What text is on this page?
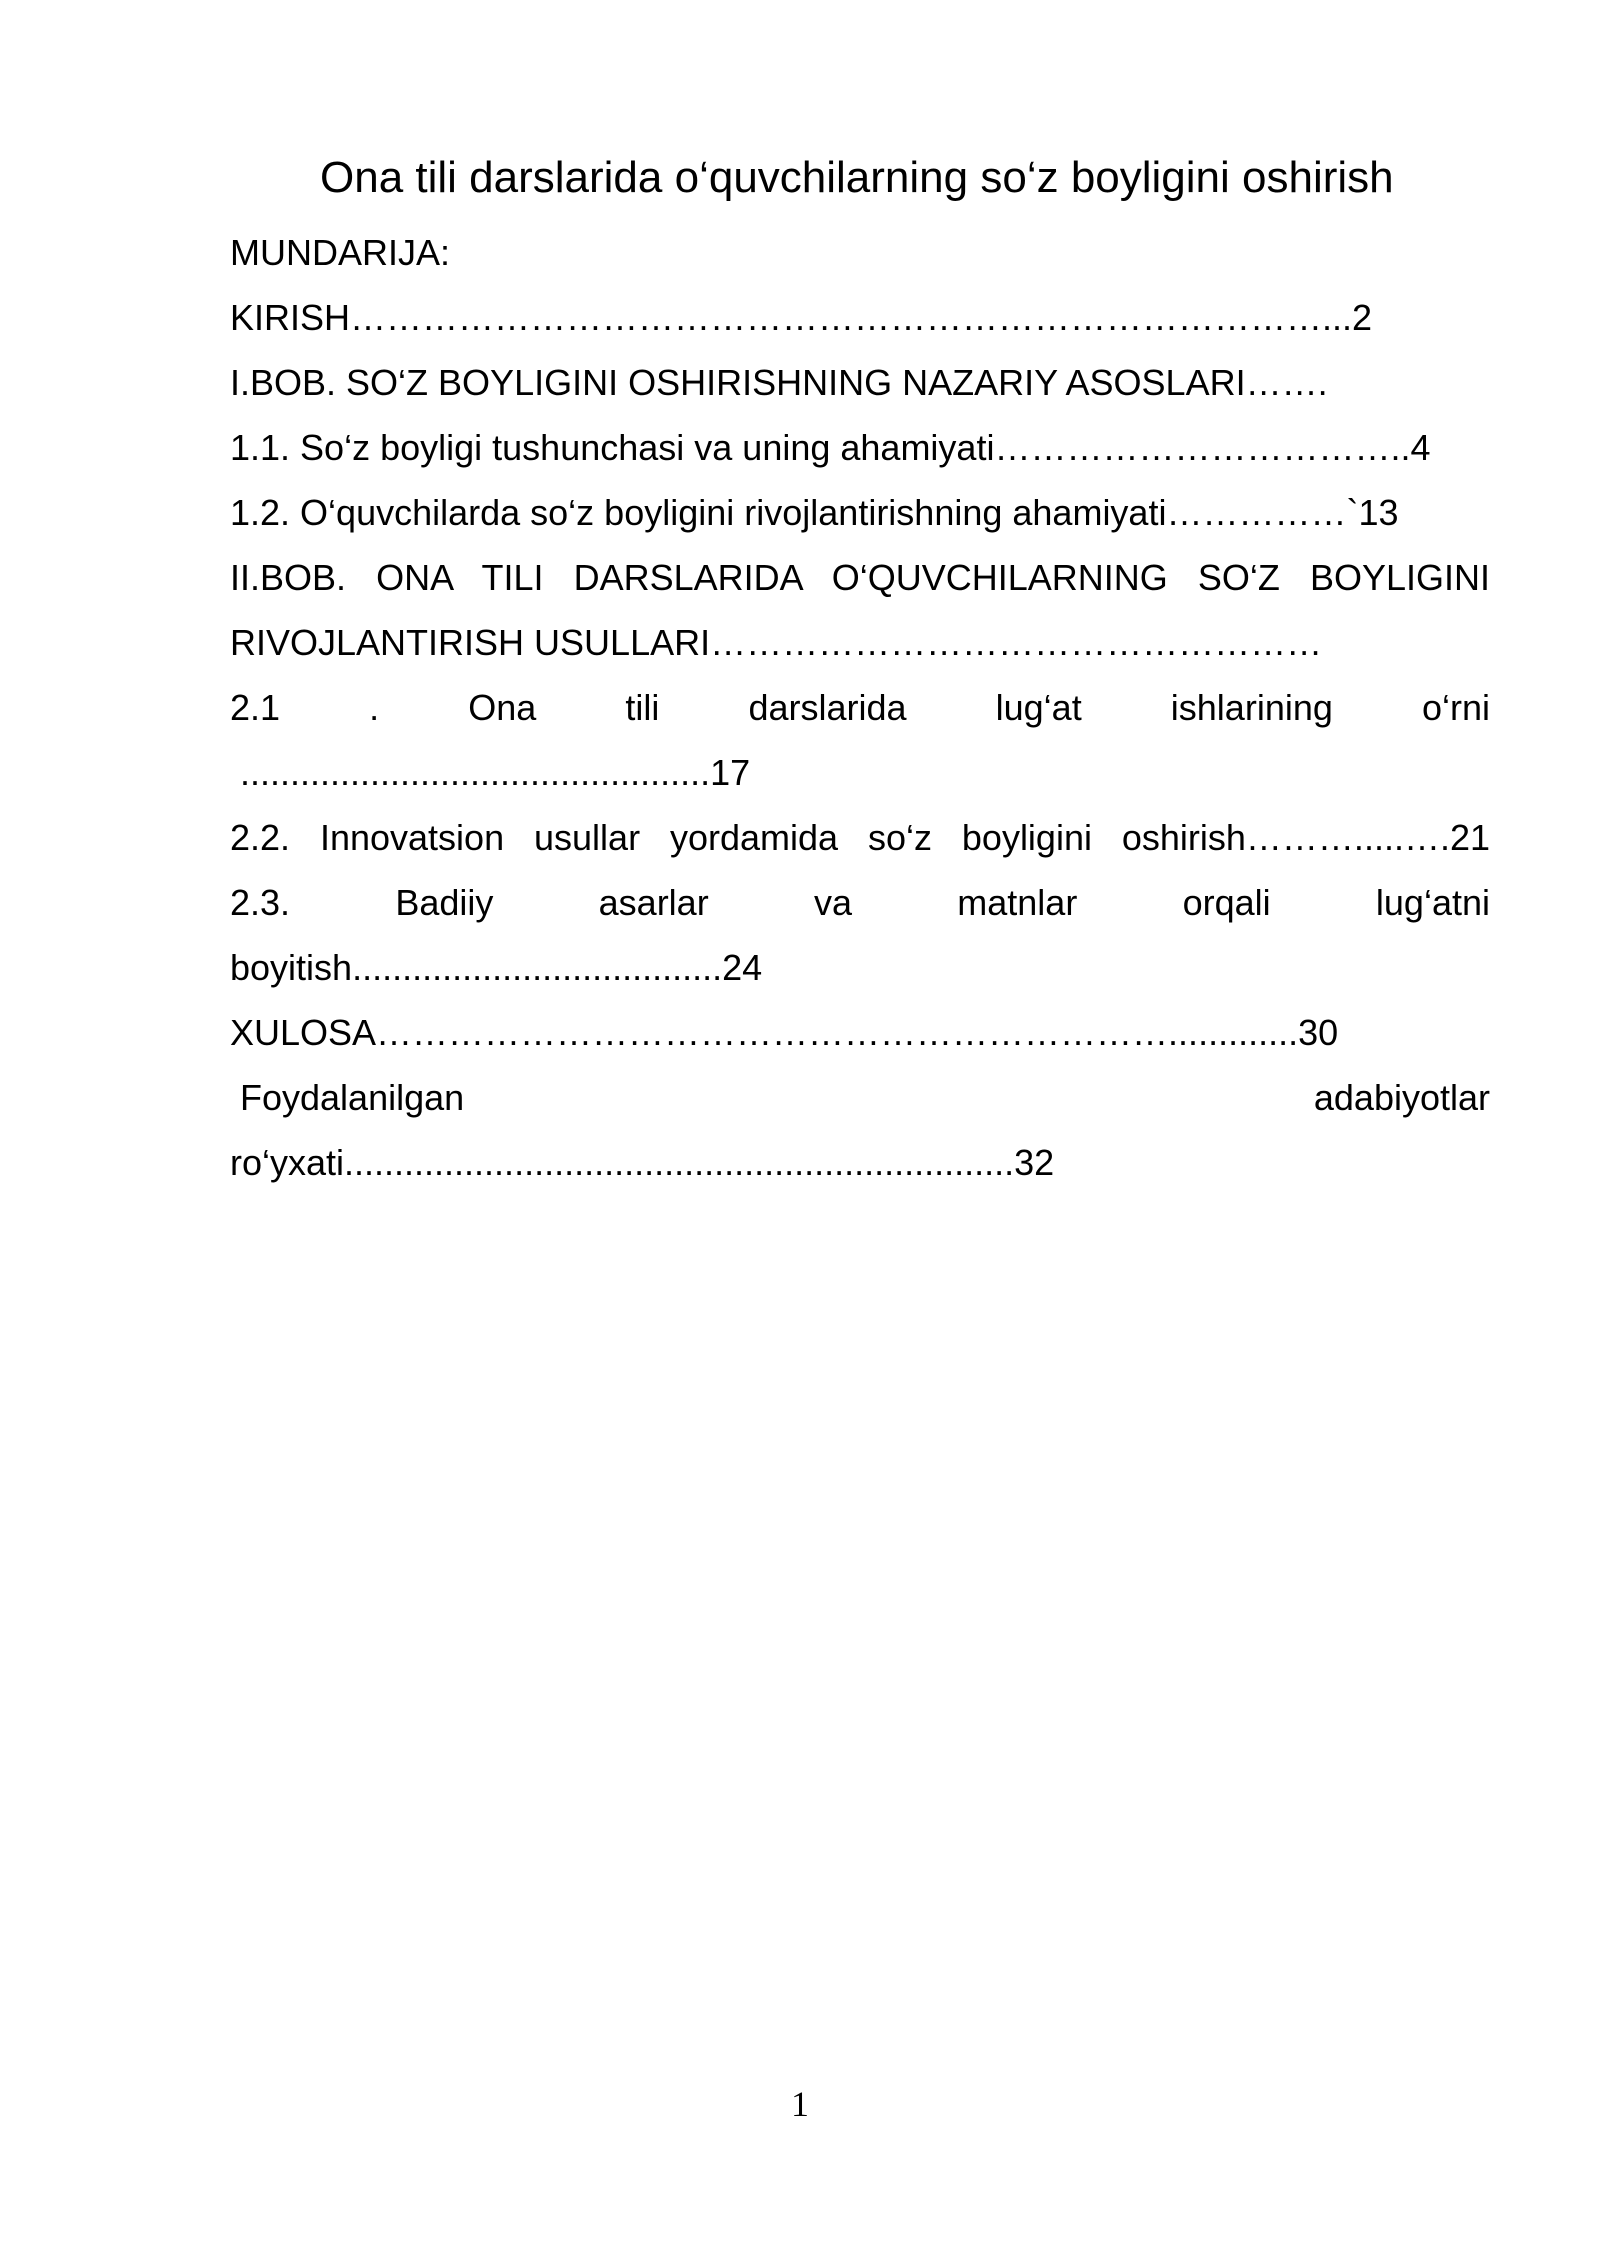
Ona tili darslarida o‘quvchilarning so‘z boyligini oshirish
MUNDARIJA:
KIRISH………………………………………………………………………...2
I.BOB. SO‘Z BOYLIGINI OSHIRISHNING NAZARIY ASOSLARI…….
1.1. So‘z boyligi tushunchasi va uning ahamiyati……………………………..4
1.2. O‘quvchilarda so‘z boyligini rivojlantirishning ahamiyati……………`13
II.BOB. ONA TILI DARSLARIDA O‘QUVCHILARNING SO‘Z BOYLIGINI
RIVOJLANTIRISH USULLARI……………………………………………
2.1 . Ona tili darslarida lug‘at ishlarining o‘rni
...............................................17
2.2. Innovatsion usullar yordamida so‘z boyligini oshirish……….....….21
2.3. Badiiy asarlar va matnlar orqali lug‘atni
boyitish.....................................24
XULOSA………………………………………………………….............30
Foydalanilgan adabiyotlar
ro‘yxati...................................................................32
1
